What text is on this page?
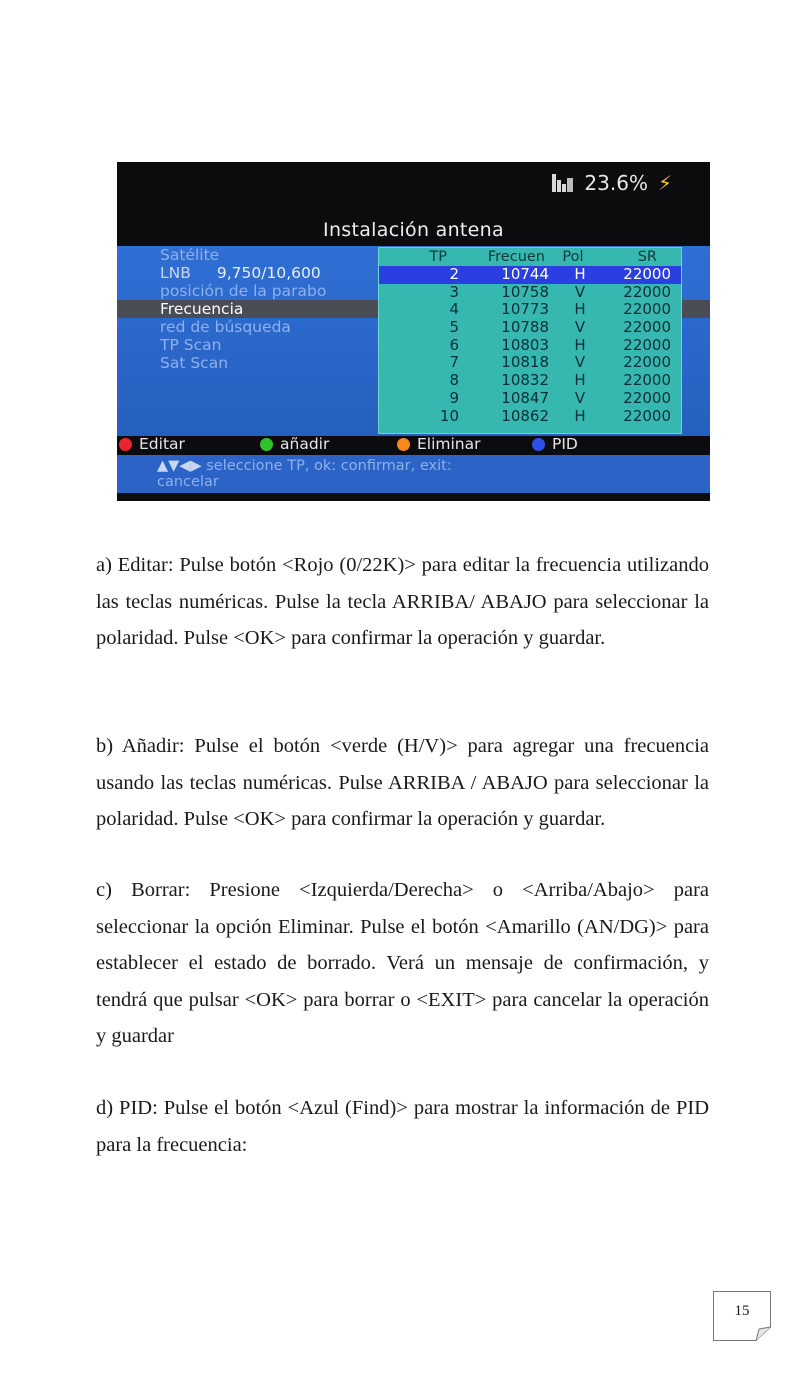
23.6% ⚡
Instalación antena
Satélite
LNB 9,750/10,600
posición de la parabo
Frecuencia
red de búsqueda
TP Scan
Sat Scan
TP	Frecuen	Pol	SR
2	10744	H	22000
3	10758	V	22000
4	10773	H	22000
5	10788	V	22000
6	10803	H	22000
7	10818	V	22000
8	10832	H	22000
9	10847	V	22000
10	10862	H	22000
Editar	añadir	Eliminar	PID
▲▼◀▶ seleccione TP, ok: confirmar, exit:
cancelar

a) Editar: Pulse botón <Rojo (0/22K)> para editar la frecuencia utilizando las teclas numéricas. Pulse la tecla ARRIBA/ ABAJO para seleccionar la polaridad. Pulse <OK> para confirmar la operación y guardar.

b) Añadir: Pulse el botón <verde (H/V)> para agregar una frecuencia usando las teclas numéricas. Pulse ARRIBA / ABAJO para seleccionar la polaridad. Pulse <OK> para confirmar la operación y guardar.

c) Borrar: Presione <Izquierda/Derecha> o <Arriba/Abajo> para seleccionar la opción Eliminar. Pulse el botón <Amarillo (AN/DG)> para establecer el estado de borrado. Verá un mensaje de confirmación, y tendrá que pulsar <OK> para borrar o <EXIT> para cancelar la operación y guardar

d) PID: Pulse el botón <Azul (Find)> para mostrar la información de PID para la frecuencia:

15
